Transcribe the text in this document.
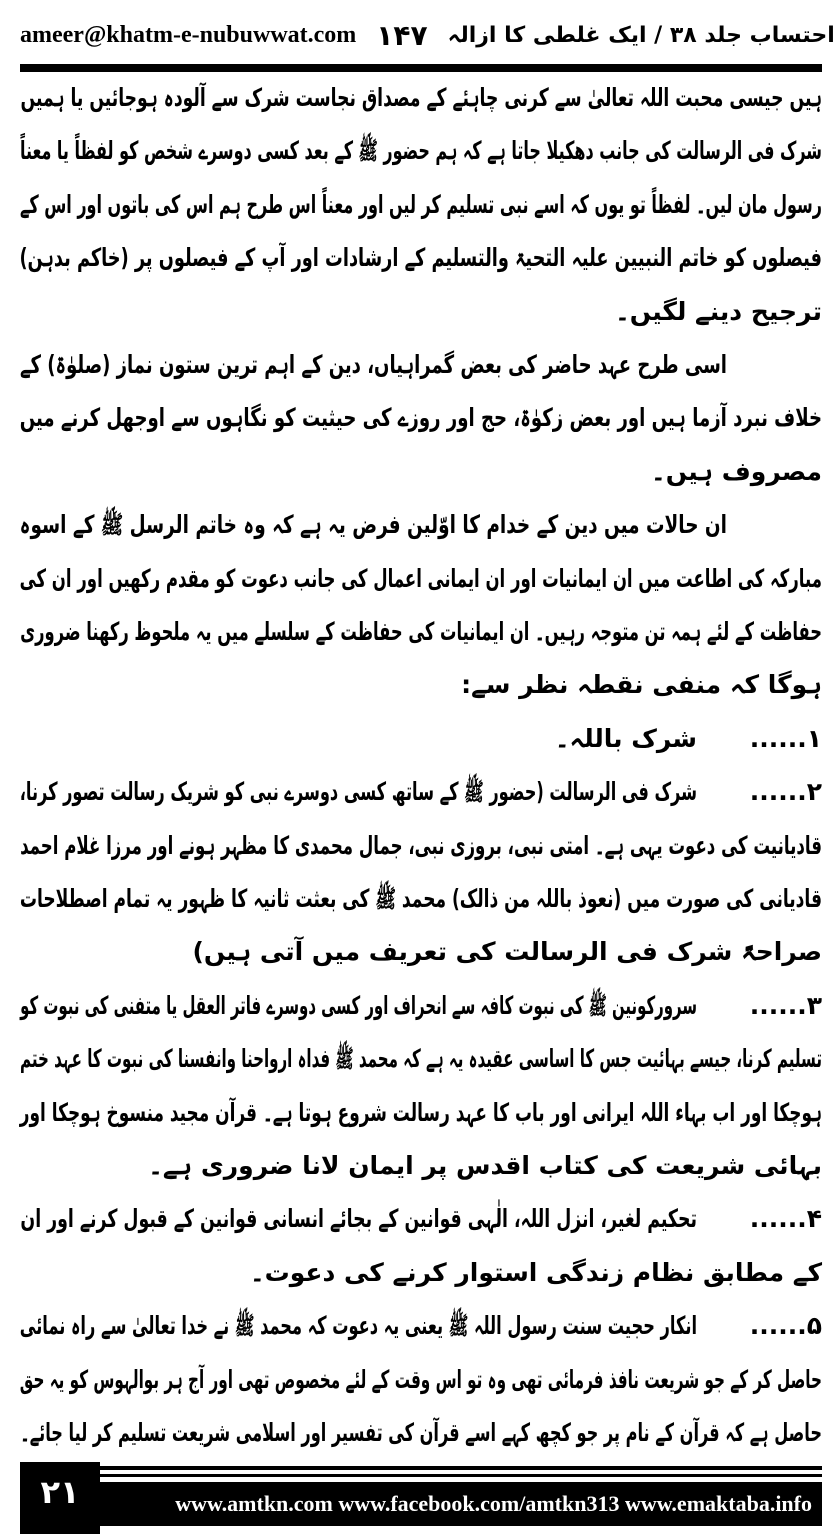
ameer@khatm-e-nubuwwat.com ۱۴۷ احتساب جلد ۳۸ / ایک غلطی کا ازالہ
ہیں جیسی محبت اللہ تعالیٰ سے کرنی چاہئے کے مصداق نجاست شرک سے آلودہ ہوجائیں یا ہمیں
شرک فی الرسالت کی جانب دھکیلا جاتا ہے کہ ہم حضور ﷺ کے بعد کسی دوسرے شخص کو لفظاً یا معناً
رسول مان لیں۔ لفظاً تو یوں کہ اسے نبی تسلیم کر لیں اور معناً اس طرح ہم اس کی باتوں اور اس کے
فیصلوں کو خاتم النبیین علیہ التحیۃ والتسلیم کے ارشادات اور آپ کے فیصلوں پر (خاکم بدہن)
ترجیح دینے لگیں۔
اسی طرح عہد حاضر کی بعض گمراہیاں، دین کے اہم ترین ستون نماز (صلوٰۃ) کے
خلاف نبرد آزما ہیں اور بعض زکوٰۃ، حج اور روزے کی حیثیت کو نگاہوں سے اوجھل کرنے میں
مصروف ہیں۔
ان حالات میں دین کے خدام کا اوّلین فرض یہ ہے کہ وہ خاتم الرسل ﷺ کے اسوہ
مبارکہ کی اطاعت میں ان ایمانیات اور ان ایمانی اعمال کی جانب دعوت کو مقدم رکھیں اور ان کی
حفاظت کے لئے ہمہ تن متوجہ رہیں۔ ان ایمانیات کی حفاظت کے سلسلے میں یہ ملحوظ رکھنا ضروری
ہوگا کہ منفی نقطہ نظر سے:
۱......
شرک باللہ۔
۲......
شرک فی الرسالت (حضور ﷺ کے ساتھ کسی دوسرے نبی کو شریک رسالت تصور کرنا،
قادیانیت کی دعوت یہی ہے۔ امتی نبی، بروزی نبی، جمال محمدی کا مظہر ہونے اور مرزا غلام احمد
قادیانی کی صورت میں (نعوذ باللہ من ذالک) محمد ﷺ کی بعثت ثانیہ کا ظہور یہ تمام اصطلاحات
صراحۃً شرک فی الرسالت کی تعریف میں آتی ہیں)
۳......
سرورکونین ﷺ کی نبوت کافہ سے انحراف اور کسی دوسرے فاتر العقل یا متفنی کی نبوت کو
تسلیم کرنا، جیسے بہائیت جس کا اساسی عقیدہ یہ ہے کہ محمد ﷺ فداہ ارواحنا وانفسنا کی نبوت کا عہد ختم
ہوچکا اور اب بہاء اللہ ایرانی اور باب کا عہد رسالت شروع ہوتا ہے۔ قرآن مجید منسوخ ہوچکا اور
بہائی شریعت کی کتاب اقدس پر ایمان لانا ضروری ہے۔
۴......
تحکیم لغیر، انزل اللہ، الٰہی قوانین کے بجائے انسانی قوانین کے قبول کرنے اور ان
کے مطابق نظام زندگی استوار کرنے کی دعوت۔
۵......
انکار حجیت سنت رسول اللہ ﷺ یعنی یہ دعوت کہ محمد ﷺ نے خدا تعالیٰ سے راہ نمائی
حاصل کر کے جو شریعت نافذ فرمائی تھی وہ تو اس وقت کے لئے مخصوص تھی اور آج ہر بوالہوس کو یہ حق
حاصل ہے کہ قرآن کے نام پر جو کچھ کہے اسے قرآن کی تفسیر اور اسلامی شریعت تسلیم کر لیا جائے۔
۲۱	www.amtkn.com www.facebook.com/amtkn313 www.emaktaba.info
